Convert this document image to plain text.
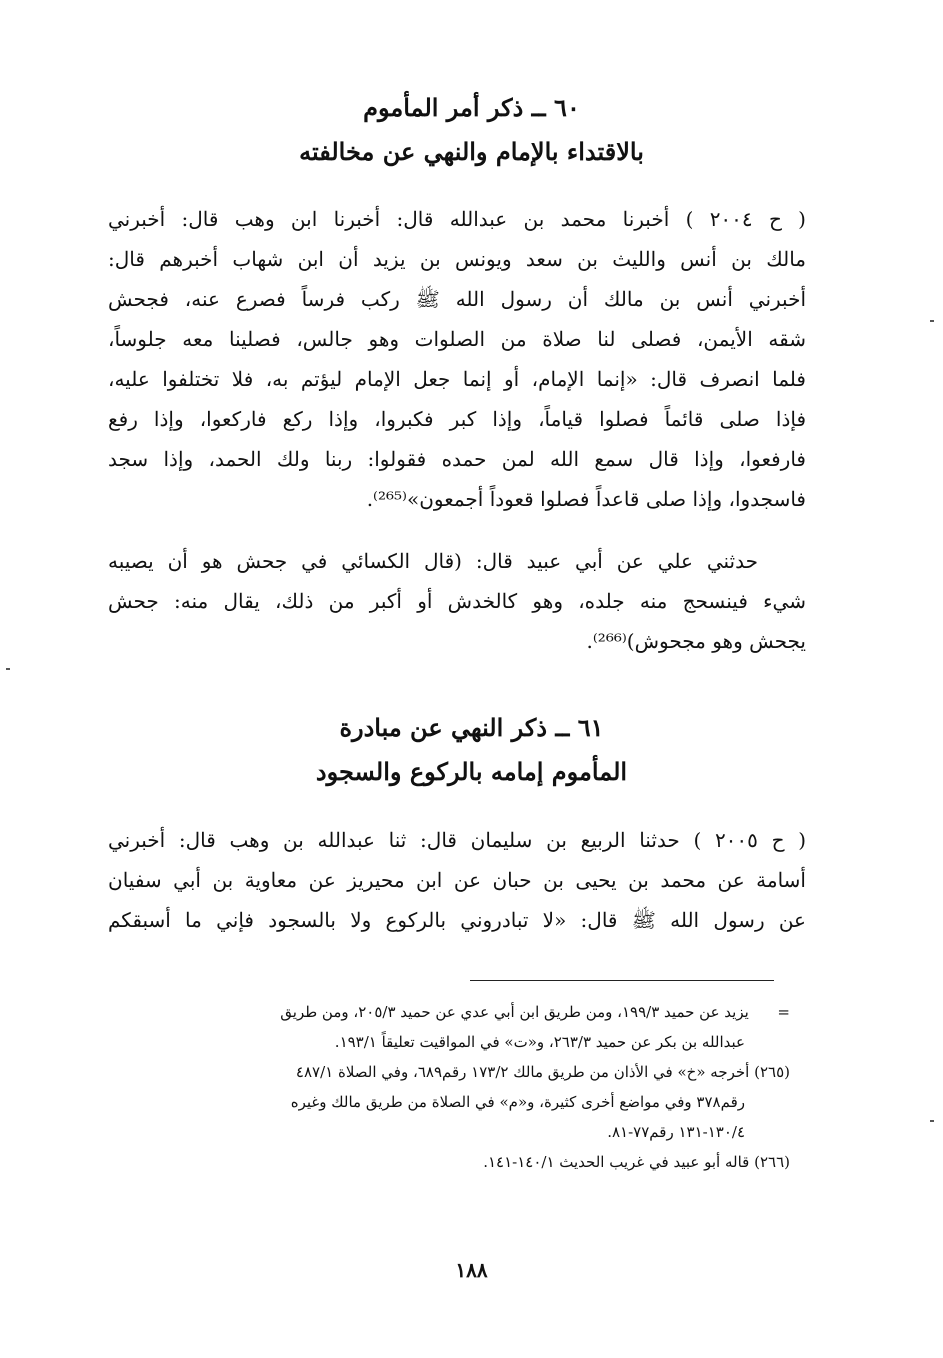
٦٠ ــ ذكر أمر المأموم
بالاقتداء بالإمام والنهي عن مخالفته
( ح ٢٠٠٤ ) أخبرنا محمد بن عبدالله قال: أخبرنا ابن وهب قال: أخبرني
مالك بن أنس والليث بن سعد ويونس بن يزيد أن ابن شهاب أخبرهم قال:
أخبرني أنس بن مالك أن رسول الله ﷺ ركب فرساً فصرع عنه، فجحش
شقه الأيمن، فصلى لنا صلاة من الصلوات وهو جالس، فصلينا معه جلوساً،
فلما انصرف قال: «إنما الإمام، أو إنما جعل الإمام ليؤتم به، فلا تختلفوا عليه،
فإذا صلى قائماً فصلوا قياماً، وإذا كبر فكبروا، وإذا ركع فاركعوا، وإذا رفع
فارفعوا، وإذا قال سمع الله لمن حمده فقولوا: ربنا ولك الحمد، وإذا سجد
فاسجدوا، وإذا صلى قاعداً فصلوا قعوداً أجمعون»⁽²⁶⁵⁾.
حدثني علي عن أبي عبيد قال: (قال الكسائي في جحش هو أن يصيبه
شيء فينسحج منه جلده، وهو كالخدش أو أكبر من ذلك، يقال منه: جحش
يجحش وهو مجحوش)⁽²⁶⁶⁾.
٦١ ــ ذكر النهي عن مبادرة
المأموم إمامه بالركوع والسجود
( ح ٢٠٠٥ ) حدثنا الربيع بن سليمان قال: ثنا عبدالله بن وهب قال: أخبرني
أسامة عن محمد بن يحيى بن حبان عن ابن محيريز عن معاوية بن أبي سفيان
عن رسول الله ﷺ قال: «لا تبادروني بالركوع ولا بالسجود فإني ما أسبقكم
=      يزيد عن حميد ١٩٩/٣، ومن طريق ابن أبي عدي عن حميد ٢٠٥/٣، ومن طريق
عبدالله بن بكر عن حميد ٢٦٣/٣، و«ت» في المواقيت تعليقاً ١٩٣/١.
(٢٦٥) أخرجه «خ» في الأذان من طريق مالك ١٧٣/٢ رقم٦٨٩، وفي الصلاة ٤٨٧/١
رقم٣٧٨ وفي مواضع أخرى كثيرة، و«م» في الصلاة من طريق مالك وغيره
١٣٠/٤-١٣١ رقم٧٧-٨١.
(٢٦٦) قاله أبو عبيد في غريب الحديث ١٤٠/١-١٤١.
١٨٨
